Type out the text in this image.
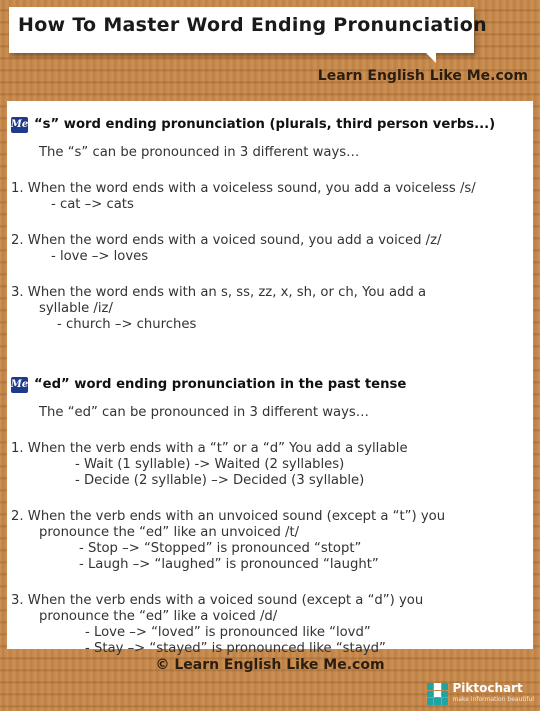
How To Master Word Ending Pronunciation
Learn English Like Me.com
Me “s” word ending pronunciation (plurals, third person verbs...)
The “s” can be pronounced in 3 different ways…
1. When the word ends with a voiceless sound, you add a voiceless /s/
- cat –> cats
2. When the word ends with a voiced sound, you add a voiced /z/
- love –> loves
3. When the word ends with an s, ss, zz, x, sh, or ch, You add a
syllable /iz/
- church –> churches
Me “ed” word ending pronunciation in the past tense
The “ed” can be pronounced in 3 different ways…
1. When the verb ends with a “t” or a “d” You add a syllable
- Wait (1 syllable) -> Waited (2 syllables)
- Decide (2 syllable) –> Decided (3 syllable)
2. When the verb ends with an unvoiced sound (except a “t”) you
pronounce the “ed” like an unvoiced /t/
- Stop –> “Stopped” is pronounced “stopt”
- Laugh –> “laughed” is pronounced “laught”
3. When the verb ends with a voiced sound (except a “d”) you
pronounce the “ed” like a voiced /d/
- Love –> “loved” is pronounced like “lovd”
- Stay –> “stayed” is pronounced like “stayd”
© Learn English Like Me.com
Piktochart
make information beautiful
